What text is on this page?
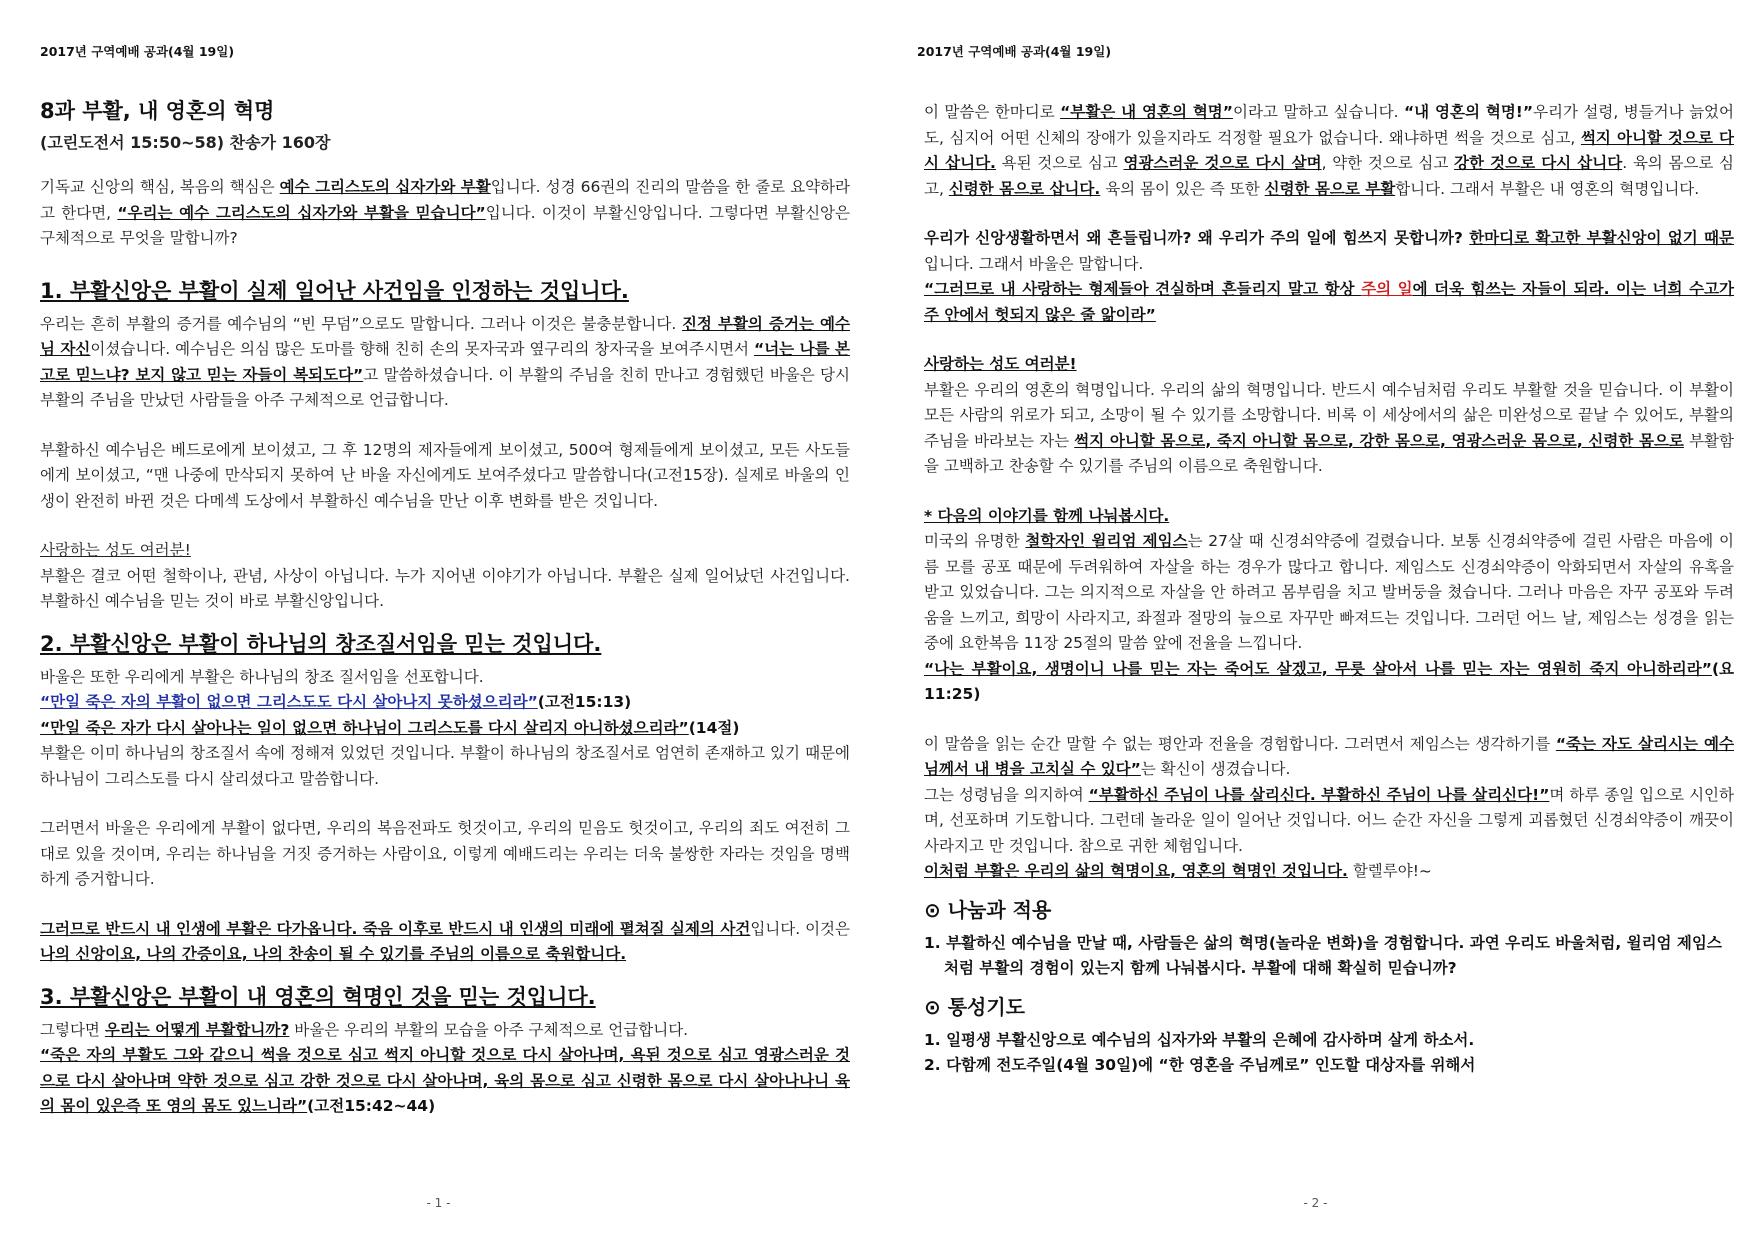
2017년 구역예배 공과(4월 19일)
8과 부활, 내 영혼의 혁명
(고린도전서 15:50~58) 찬송가 160장

기독교 신앙의 핵심, 복음의 핵심은 예수 그리스도의 십자가와 부활입니다. 성경 66권의 진리의 말씀을 한 줄로 요약하라고 한다면, “우리는 예수 그리스도의 십자가와 부활을 믿습니다”입니다. 이것이 부활신앙입니다. 그렇다면 부활신앙은 구체적으로 무엇을 말합니까?

1. 부활신앙은 부활이 실제 일어난 사건임을 인정하는 것입니다.

우리는 흔히 부활의 증거를 예수님의 “빈 무덤”으로도 말합니다. 그러나 이것은 불충분합니다. 진정 부활의 증거는 예수님 자신이셨습니다. 예수님은 의심 많은 도마를 향해 친히 손의 못자국과 옆구리의 창자국을 보여주시면서 “너는 나를 본 고로 믿느냐? 보지 않고 믿는 자들이 복되도다”고 말씀하셨습니다. 이 부활의 주님을 친히 만나고 경험했던 바울은 당시 부활의 주님을 만났던 사람들을 아주 구체적으로 언급합니다.

부활하신 예수님은 베드로에게 보이셨고, 그 후 12명의 제자들에게 보이셨고, 500여 형제들에게 보이셨고, 모든 사도들에게 보이셨고, “맨 나중에 만삭되지 못하여 난 바울 자신에게도 보여주셨다고 말씀합니다(고전15장). 실제로 바울의 인생이 완전히 바뀐 것은 다메섹 도상에서 부활하신 예수님을 만난 이후 변화를 받은 것입니다.

사랑하는 성도 여러분!

부활은 결코 어떤 철학이나, 관념, 사상이 아닙니다. 누가 지어낸 이야기가 아닙니다. 부활은 실제 일어났던 사건입니다. 부활하신 예수님을 믿는 것이 바로 부활신앙입니다.

2. 부활신앙은 부활이 하나님의 창조질서임을 믿는 것입니다.

바울은 또한 우리에게 부활은 하나님의 창조 질서임을 선포합니다.

“만일 죽은 자의 부활이 없으면 그리스도도 다시 살아나지 못하셨으리라”(고전15:13)

“만일 죽은 자가 다시 살아나는 일이 없으면 하나님이 그리스도를 다시 살리지 아니하셨으리라”(14절)

부활은 이미 하나님의 창조질서 속에 정해져 있었던 것입니다. 부활이 하나님의 창조질서로 엄연히 존재하고 있기 때문에 하나님이 그리스도를 다시 살리셨다고 말씀합니다.

그러면서 바울은 우리에게 부활이 없다면, 우리의 복음전파도 헛것이고, 우리의 믿음도 헛것이고, 우리의 죄도 여전히 그대로 있을 것이며, 우리는 하나님을 거짓 증거하는 사람이요, 이렇게 예배드리는 우리는 더욱 불쌍한 자라는 것임을 명백하게 증거합니다.

그러므로 반드시 내 인생에 부활은 다가옵니다. 죽음 이후로 반드시 내 인생의 미래에 펼쳐질 실제의 사건입니다. 이것은 나의 신앙이요, 나의 간증이요, 나의 찬송이 될 수 있기를 주님의 이름으로 축원합니다.

3. 부활신앙은 부활이 내 영혼의 혁명인 것을 믿는 것입니다.

그렇다면 우리는 어떻게 부활합니까? 바울은 우리의 부활의 모습을 아주 구체적으로 언급합니다.

“죽은 자의 부활도 그와 같으니 썩을 것으로 심고 썩지 아니할 것으로 다시 살아나며, 욕된 것으로 심고 영광스러운 것으로 다시 살아나며 약한 것으로 심고 강한 것으로 다시 살아나며, 육의 몸으로 심고 신령한 몸으로 다시 살아나나니 육의 몸이 있은즉 또 영의 몸도 있느니라”(고전15:42~44)

- 1 -
2017년 구역예배 공과(4월 19일)

이 말씀은 한마디로 “부활은 내 영혼의 혁명”이라고 말하고 싶습니다. “내 영혼의 혁명!”우리가 설령, 병들거나 늙었어도, 심지어 어떤 신체의 장애가 있을지라도 걱정할 필요가 없습니다. 왜냐하면 썩을 것으로 심고, 썩지 아니할 것으로 다시 삽니다. 욕된 것으로 심고 영광스러운 것으로 다시 살며, 약한 것으로 심고 강한 것으로 다시 삽니다. 육의 몸으로 심고, 신령한 몸으로 삽니다. 육의 몸이 있은 즉 또한 신령한 몸으로 부활합니다. 그래서 부활은 내 영혼의 혁명입니다.

우리가 신앙생활하면서 왜 흔들립니까? 왜 우리가 주의 일에 힘쓰지 못합니까? 한마디로 확고한 부활신앙이 없기 때문입니다. 그래서 바울은 말합니다.

“그러므로 내 사랑하는 형제들아 견실하며 흔들리지 말고 항상 주의 일에 더욱 힘쓰는 자들이 되라. 이는 너희 수고가 주 안에서 헛되지 않은 줄 앎이라”

사랑하는 성도 여러분!

부활은 우리의 영혼의 혁명입니다. 우리의 삶의 혁명입니다. 반드시 예수님처럼 우리도 부활할 것을 믿습니다. 이 부활이 모든 사람의 위로가 되고, 소망이 될 수 있기를 소망합니다. 비록 이 세상에서의 삶은 미완성으로 끝날 수 있어도, 부활의 주님을 바라보는 자는 썩지 아니할 몸으로, 죽지 아니할 몸으로, 강한 몸으로, 영광스러운 몸으로, 신령한 몸으로 부활함을 고백하고 찬송할 수 있기를 주님의 이름으로 축원합니다.

* 다음의 이야기를 함께 나눠봅시다.

미국의 유명한 철학자인 윌리엄 제임스는 27살 때 신경쇠약증에 걸렸습니다. 보통 신경쇠약증에 걸린 사람은 마음에 이름 모를 공포 때문에 두려워하여 자살을 하는 경우가 많다고 합니다. 제임스도 신경쇠약증이 악화되면서 자살의 유혹을 받고 있었습니다. 그는 의지적으로 자살을 안 하려고 몸부림을 치고 발버둥을 쳤습니다. 그러나 마음은 자꾸 공포와 두려움을 느끼고, 희망이 사라지고, 좌절과 절망의 늪으로 자꾸만 빠져드는 것입니다. 그러던 어느 날, 제임스는 성경을 읽는 중에 요한복음 11장 25절의 말씀 앞에 전율을 느낍니다.

“나는 부활이요, 생명이니 나를 믿는 자는 죽어도 살겠고, 무릇 살아서 나를 믿는 자는 영원히 죽지 아니하리라”(요11:25)

이 말씀을 읽는 순간 말할 수 없는 평안과 전율을 경험합니다. 그러면서 제임스는 생각하기를 “죽는 자도 살리시는 예수님께서 내 병을 고치실 수 있다”는 확신이 생겼습니다.

그는 성령님을 의지하여 “부활하신 주님이 나를 살리신다. 부활하신 주님이 나를 살리신다!”며 하루 종일 입으로 시인하며, 선포하며 기도합니다. 그런데 놀라운 일이 일어난 것입니다. 어느 순간 자신을 그렇게 괴롭혔던 신경쇠약증이 깨끗이 사라지고 만 것입니다. 참으로 귀한 체험입니다.

이처럼 부활은 우리의 삶의 혁명이요, 영혼의 혁명인 것입니다. 할렐루야!~

⊙ 나눔과 적용
1. 부활하신 예수님을 만날 때, 사람들은 삶의 혁명(놀라운 변화)을 경험합니다. 과연 우리도 바울처럼, 윌리엄 제임스처럼 부활의 경험이 있는지 함께 나눠봅시다. 부활에 대해 확실히 믿습니까?
⊙ 통성기도
1. 일평생 부활신앙으로 예수님의 십자가와 부활의 은혜에 감사하며 살게 하소서.
2. 다함께 전도주일(4월 30일)에 “한 영혼을 주님께로” 인도할 대상자를 위해서
- 2 -
